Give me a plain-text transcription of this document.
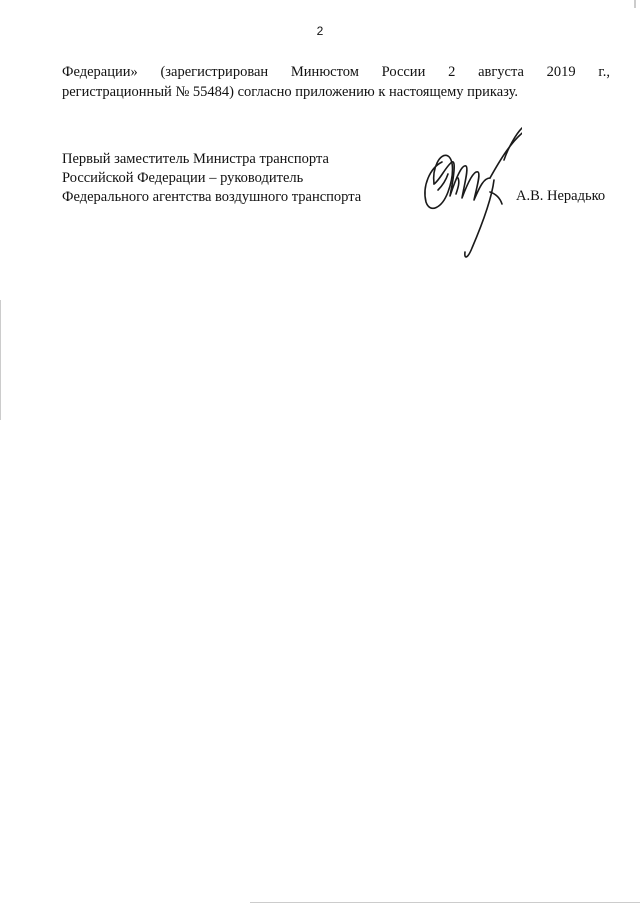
2
Федерации» (зарегистрирован Минюстом России 2 августа 2019 г.,
регистрационный № 55484) согласно приложению к настоящему приказу.
Первый заместитель Министра транспорта
Российской Федерации – руководитель
Федерального агентства воздушного транспорта	А.В. Нерадько
